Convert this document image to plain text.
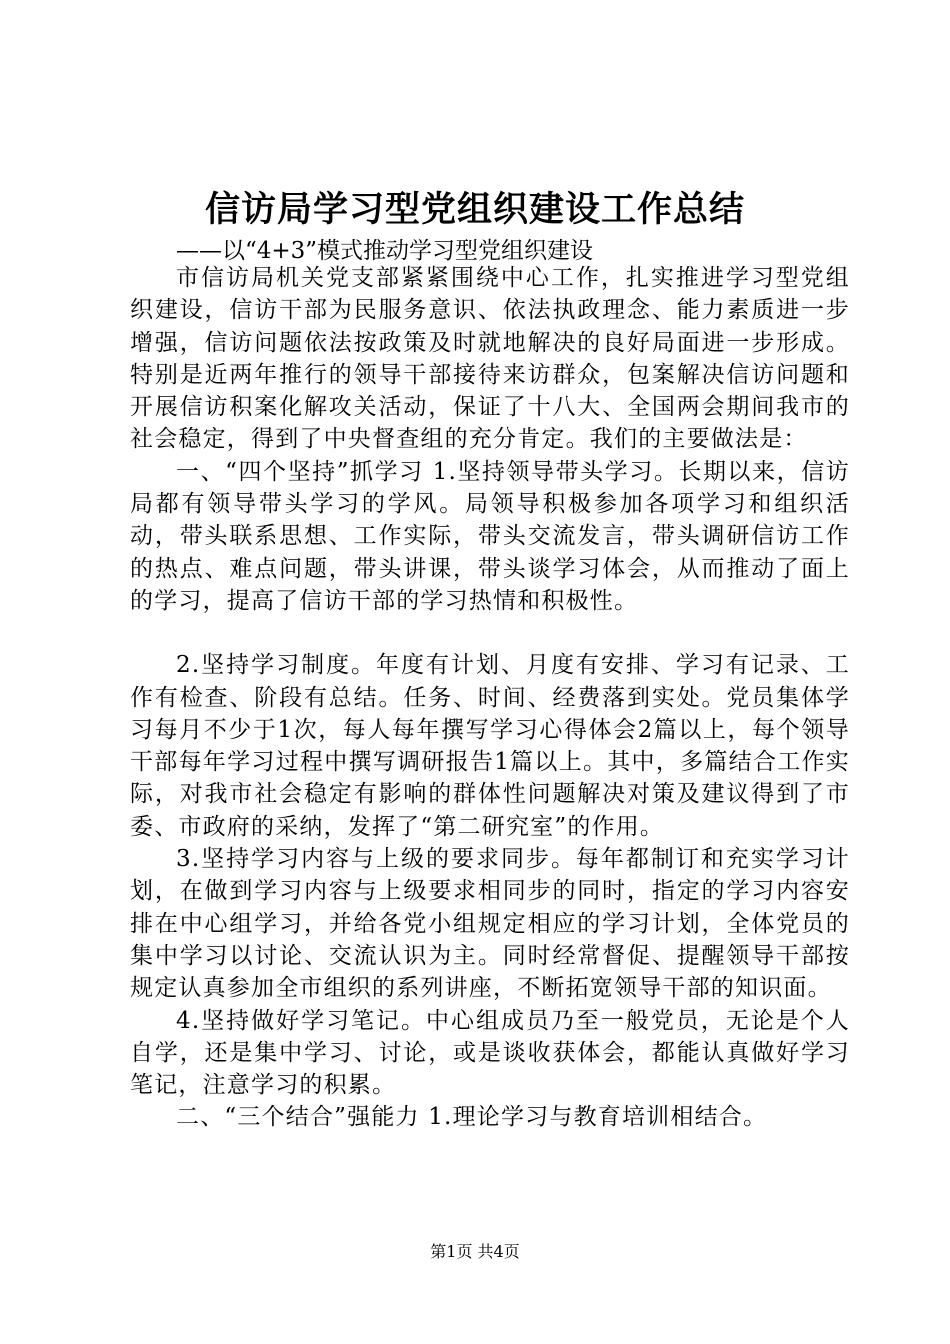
信访局学习型党组织建设工作总结

——以“4+3”模式推动学习型党组织建设

市信访局机关党支部紧紧围绕中心工作，扎实推进学习型党组织建设，信访干部为民服务意识、依法执政理念、能力素质进一步增强，信访问题依法按政策及时就地解决的良好局面进一步形成。特别是近两年推行的领导干部接待来访群众，包案解决信访问题和开展信访积案化解攻关活动，保证了十八大、全国两会期间我市的社会稳定，得到了中央督查组的充分肯定。我们的主要做法是：

一、“四个坚持”抓学习 1.坚持领导带头学习。长期以来，信访局都有领导带头学习的学风。局领导积极参加各项学习和组织活动，带头联系思想、工作实际，带头交流发言，带头调研信访工作的热点、难点问题，带头讲课，带头谈学习体会，从而推动了面上的学习，提高了信访干部的学习热情和积极性。

2.坚持学习制度。年度有计划、月度有安排、学习有记录、工作有检查、阶段有总结。任务、时间、经费落到实处。党员集体学习每月不少于1次，每人每年撰写学习心得体会2篇以上，每个领导干部每年学习过程中撰写调研报告1篇以上。其中，多篇结合工作实际，对我市社会稳定有影响的群体性问题解决对策及建议得到了市委、市政府的采纳，发挥了“第二研究室”的作用。

3.坚持学习内容与上级的要求同步。每年都制订和充实学习计划，在做到学习内容与上级要求相同步的同时，指定的学习内容安排在中心组学习，并给各党小组规定相应的学习计划，全体党员的集中学习以讨论、交流认识为主。同时经常督促、提醒领导干部按规定认真参加全市组织的系列讲座，不断拓宽领导干部的知识面。

4.坚持做好学习笔记。中心组成员乃至一般党员，无论是个人自学，还是集中学习、讨论，或是谈收获体会，都能认真做好学习笔记，注意学习的积累。

二、“三个结合”强能力 1.理论学习与教育培训相结合。

第1页 共4页
